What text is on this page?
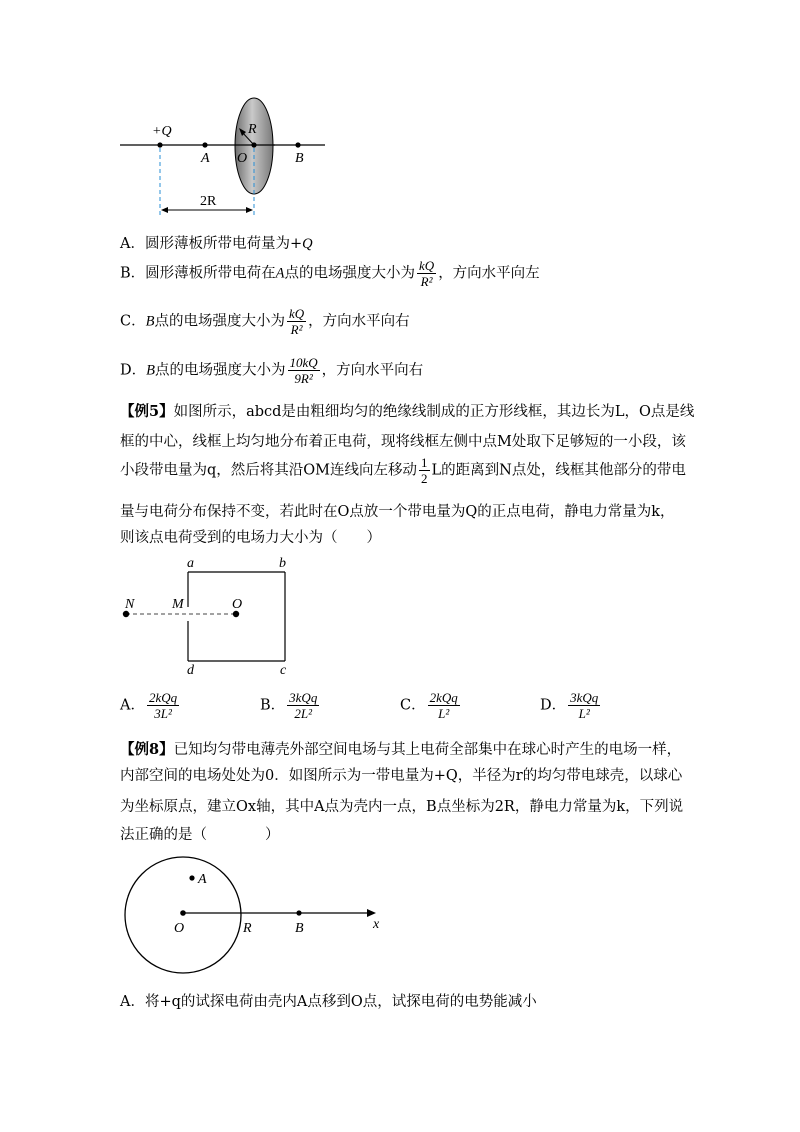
+Q
A
R
O	B
2R
A．圆形薄板所带电荷量为+Q
B．圆形薄板所带电荷在A点的电场强度大小为 $\frac{kQ}{\text{R²}}$ ，方向水平向左
C．B点的电场强度大小为 $\frac{kQ}{\text{R²}}$ ，方向水平向右
D．B点的电场强度大小为 $\frac{10kQ}{\text{9R²}}$ ，方向水平向右
【例5】如图所示，abcd是由粗细均匀的绝缘线制成的正方形线框，其边长为L，O点是线
框的中心，线框上均匀地分布着正电荷，现将线框左侧中点M处取下足够短的一小段，该
小段带电量为q，然后将其沿OM连线向左移动 $\frac{1}{2}$ L的距离到N点处，线框其他部分的带电
量与电荷分布保持不变，若此时在O点放一个带电量为Q的正点电荷，静电力常量为k，
则该点电荷受到的电场力大小为（　　）
a	b
c
d
N	M	O
A． $\frac{\text{2kQq}}{\text{3L²}}$	B． $\frac{\text{3kQq}}{\text{2L²}}$	C． $\frac{\text{2kQq}}{\text{L²}}$	D． $\frac{\text{3kQq}}{\text{L²}}$
【例8】已知均匀带电薄壳外部空间电场与其上电荷全部集中在球心时产生的电场一样，
内部空间的电场处处为0．如图所示为一带电量为+Q，半径为r的均匀带电球壳，以球心
为坐标原点，建立Ox轴，其中A点为壳内一点，B点坐标为2R，静电力常量为k，下列说
法正确的是（　　　　）
A
O	R	B	x
A．将+q的试探电荷由壳内A点移到O点，试探电荷的电势能减小
